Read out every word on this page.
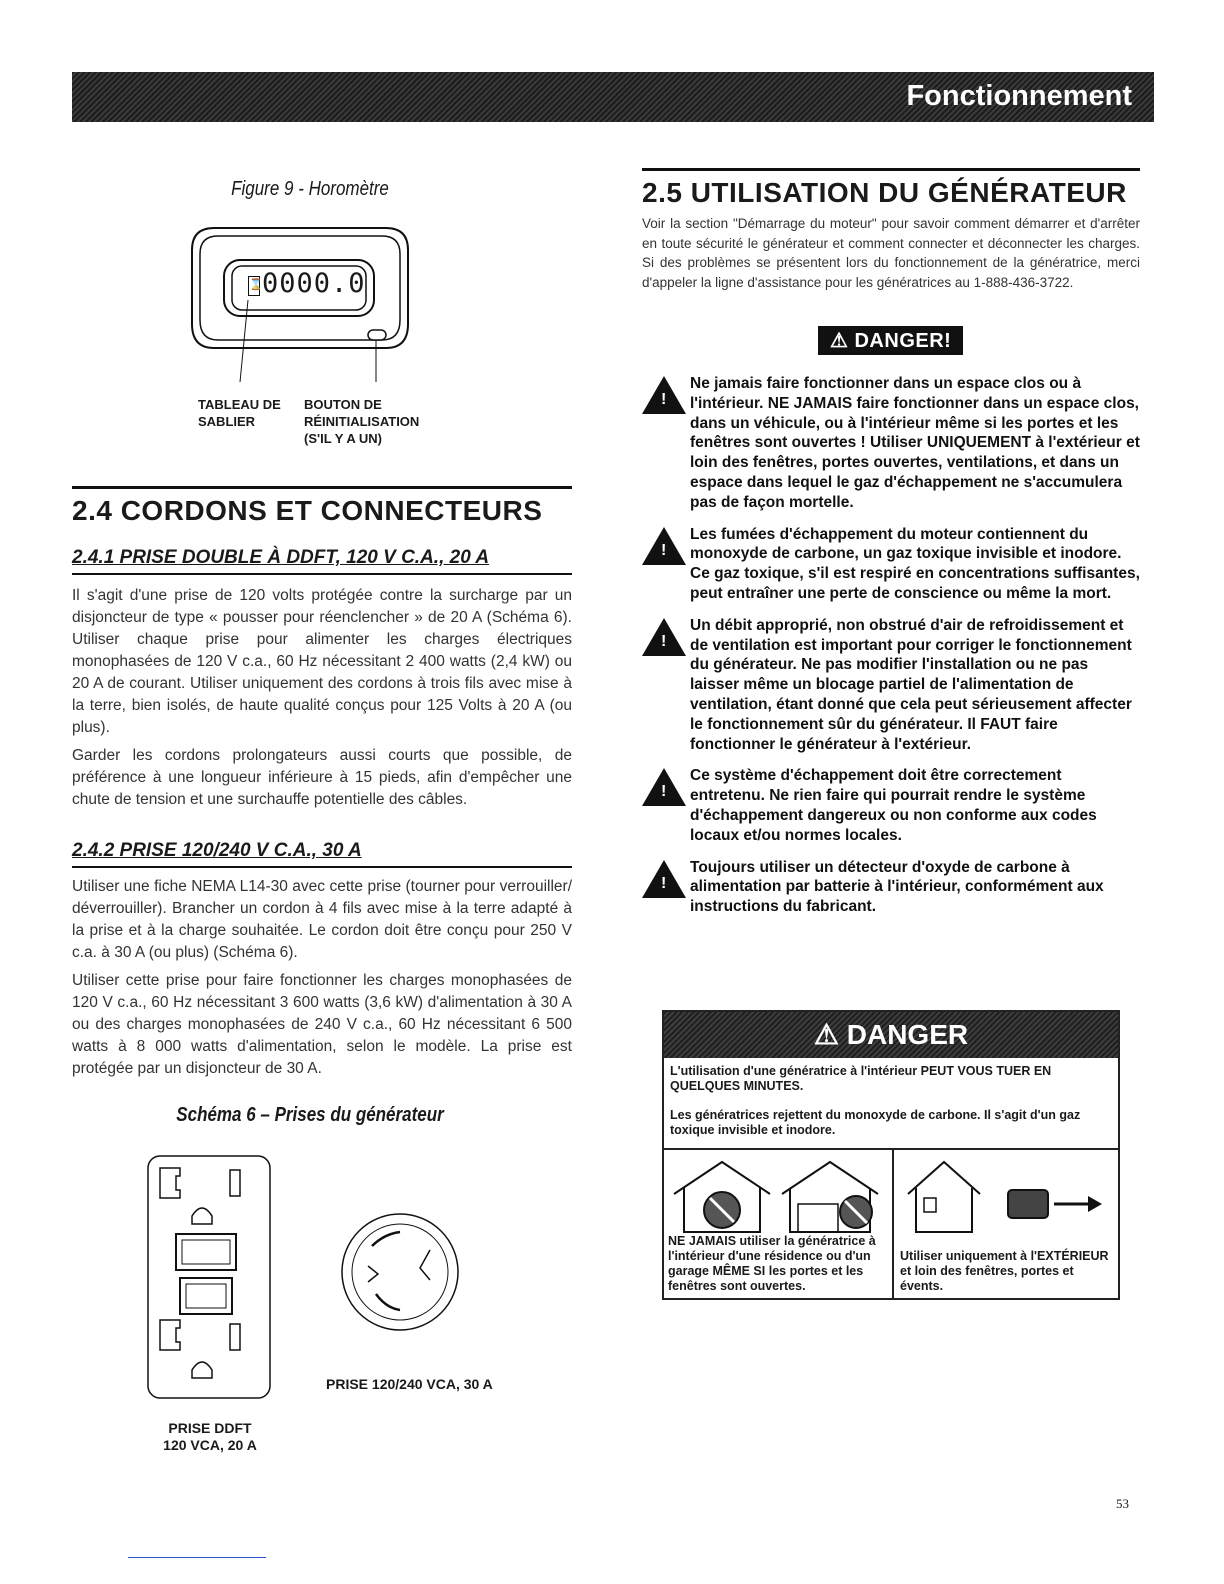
Fonctionnement
Figure 9 - Horomètre
⌛ 0000.0
TABLEAU DE
SABLIER
BOUTON DE
RÉINITIALISATION
(S'IL Y A UN)
2.4 CORDONS ET CONNECTEURS
2.4.1 PRISE DOUBLE À DDFT, 120 V C.A., 20 A

Il s'agit d'une prise de 120 volts protégée contre la surcharge par un disjoncteur de type « pousser pour réenclencher » de 20 A (Schéma 6). Utiliser chaque prise pour alimenter les charges électriques monophasées de 120 V c.a., 60 Hz nécessitant 2 400 watts (2,4 kW) ou 20 A de courant. Utiliser uniquement des cordons à trois fils avec mise à la terre, bien isolés, de haute qualité conçus pour 125 Volts à 20 A (ou plus).

Garder les cordons prolongateurs aussi courts que possible, de préférence à une longueur inférieure à 15 pieds, afin d'empêcher une chute de tension et une surchauffe potentielle des câbles.

2.4.2 PRISE 120/240 V C.A., 30 A

Utiliser une fiche NEMA L14-30 avec cette prise (tourner pour verrouiller/ déverrouiller). Brancher un cordon à 4 fils avec mise à la terre adapté à la prise et à la charge souhaitée. Le cordon doit être conçu pour 250 V c.a. à 30 A (ou plus) (Schéma 6).

Utiliser cette prise pour faire fonctionner les charges monophasées de 120 V c.a., 60 Hz nécessitant 3 600 watts (3,6 kW) d'alimentation à 30 A ou des charges monophasées de 240 V c.a., 60 Hz nécessitant 6 500 watts à 8 000 watts d'alimentation, selon le modèle. La prise est protégée par un disjoncteur de 30 A.

Schéma 6 – Prises du générateur
PRISE DDFT
120 VCA, 20 A
PRISE 120/240 VCA, 30 A
2.5 UTILISATION DU GÉNÉRATEUR

Voir la section "Démarrage du moteur" pour savoir comment démarrer et d'arrêter en toute sécurité le générateur et comment connecter et déconnecter les charges. Si des problèmes se présentent lors du fonctionnement de la génératrice, merci d'appeler la ligne d'assistance pour les génératrices au 1-888-436-3722.

⚠ DANGER!
!
Ne jamais faire fonctionner dans un espace clos ou à l'intérieur. NE JAMAIS faire fonctionner dans un espace clos, dans un véhicule, ou à l'intérieur même si les portes et les fenêtres sont ouvertes ! Utiliser UNIQUEMENT à l'extérieur et loin des fenêtres, portes ouvertes, ventilations, et dans un espace dans lequel le gaz d'échappement ne s'accumulera pas de façon mortelle.
!
Les fumées d'échappement du moteur contiennent du monoxyde de carbone, un gaz toxique invisible et inodore. Ce gaz toxique, s'il est respiré en concentrations suffisantes, peut entraîner une perte de conscience ou même la mort.
!
Un débit approprié, non obstrué d'air de refroidissement et de ventilation est important pour corriger le fonctionnement du générateur. Ne pas modifier l'installation ou ne pas laisser même un blocage partiel de l'alimentation de ventilation, étant donné que cela peut sérieusement affecter le fonctionnement sûr du générateur. Il FAUT faire fonctionner le générateur à l'extérieur.
!
Ce système d'échappement doit être correctement entretenu. Ne rien faire qui pourrait rendre le système d'échappement dangereux ou non conforme aux codes locaux et/ou normes locales.
!
Toujours utiliser un détecteur d'oxyde de carbone à alimentation par batterie à l'intérieur, conformément aux instructions du fabricant.
⚠ DANGER

L'utilisation d'une génératrice à l'intérieur PEUT VOUS TUER EN QUELQUES MINUTES.

Les génératrices rejettent du monoxyde de carbone. Il s'agit d'un gaz toxique invisible et inodore.

NE JAMAIS utiliser la génératrice à l'intérieur d'une résidence ou d'un garage MÊME SI les portes et les fenêtres sont ouvertes.

Utiliser uniquement à l'EXTÉRIEUR et loin des fenêtres, portes et évents.

53
